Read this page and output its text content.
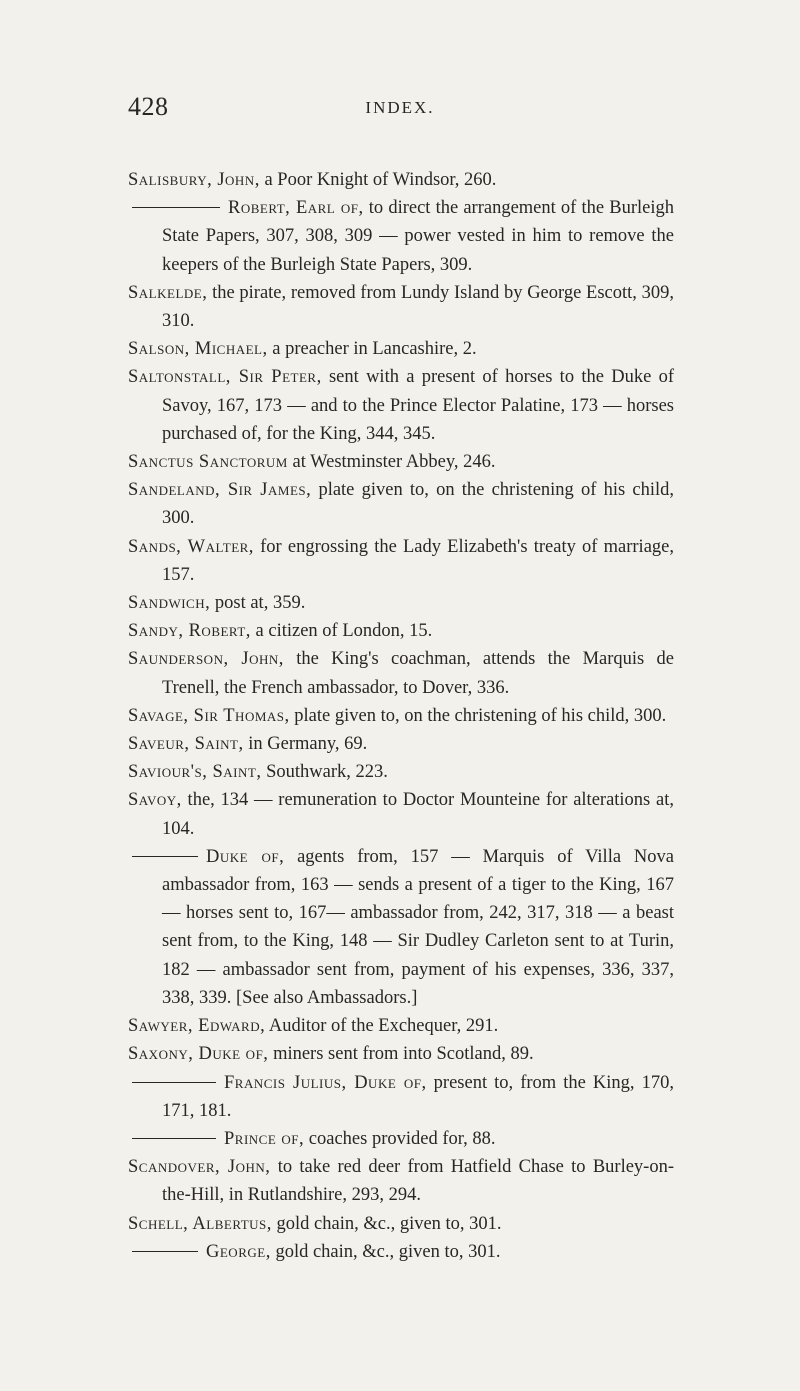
428	INDEX.

Salisbury, John, a Poor Knight of Windsor, 260.

Robert, Earl of, to direct the arrangement of the Burleigh State Papers, 307, 308, 309 — power vested in him to remove the keepers of the Burleigh State Papers, 309.

Salkelde, the pirate, removed from Lundy Island by George Escott, 309, 310.

Salson, Michael, a preacher in Lancashire, 2.

Saltonstall, Sir Peter, sent with a present of horses to the Duke of Savoy, 167, 173 — and to the Prince Elector Palatine, 173 — horses purchased of, for the King, 344, 345.

Sanctus Sanctorum at Westminster Abbey, 246.

Sandeland, Sir James, plate given to, on the christening of his child, 300.

Sands, Walter, for engrossing the Lady Elizabeth's treaty of marriage, 157.

Sandwich, post at, 359.

Sandy, Robert, a citizen of London, 15.

Saunderson, John, the King's coachman, attends the Marquis de Trenell, the French ambassador, to Dover, 336.

Savage, Sir Thomas, plate given to, on the christening of his child, 300.

Saveur, Saint, in Germany, 69.

Saviour's, Saint, Southwark, 223.

Savoy, the, 134 — remuneration to Doctor Mounteine for alterations at, 104.

Duke of, agents from, 157 — Marquis of Villa Nova ambassador from, 163 — sends a present of a tiger to the King, 167 — horses sent to, 167— ambassador from, 242, 317, 318 — a beast sent from, to the King, 148 — Sir Dudley Carleton sent to at Turin, 182 — ambassador sent from, payment of his expenses, 336, 337, 338, 339. [See also Ambassadors.]

Sawyer, Edward, Auditor of the Exchequer, 291.

Saxony, Duke of, miners sent from into Scotland, 89.

Francis Julius, Duke of, present to, from the King, 170, 171, 181.

Prince of, coaches provided for, 88.

Scandover, John, to take red deer from Hatfield Chase to Burley-on-the-Hill, in Rutlandshire, 293, 294.

Schell, Albertus, gold chain, &c., given to, 301.

George, gold chain, &c., given to, 301.
